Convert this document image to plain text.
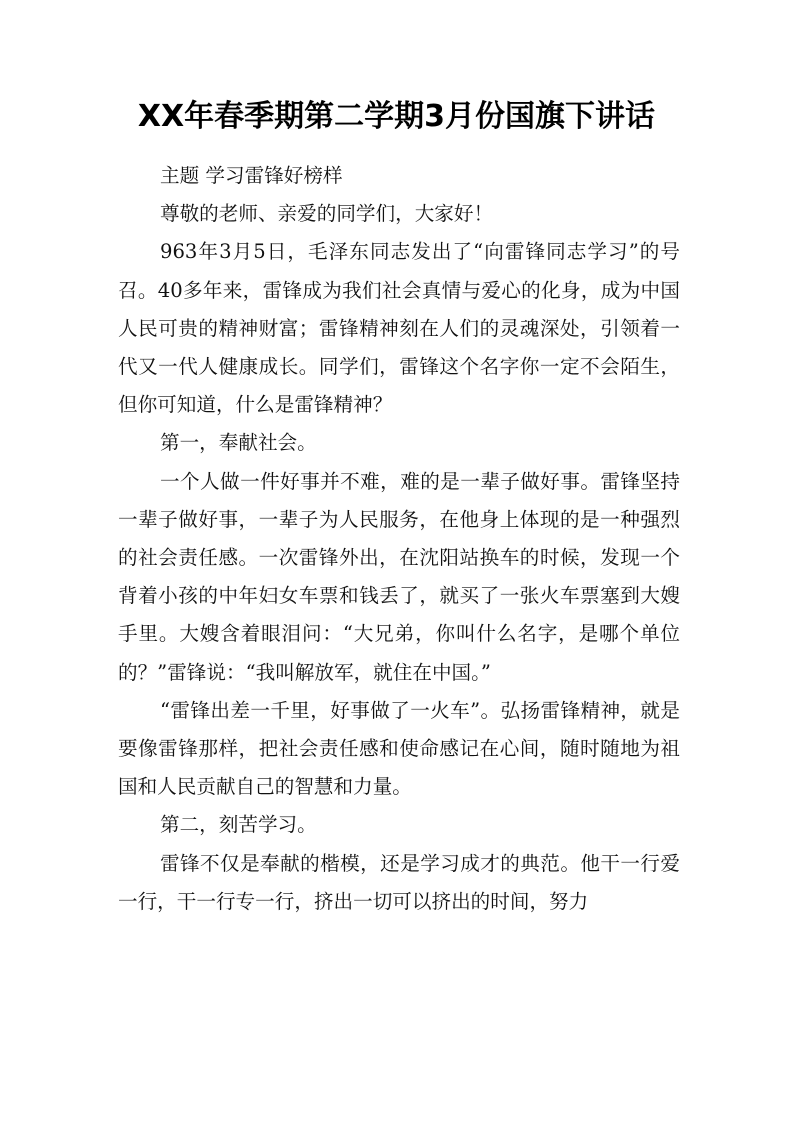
XX年春季期第二学期3月份国旗下讲话

主题 学习雷锋好榜样

尊敬的老师、亲爱的同学们，大家好！

963年3月5日，毛泽东同志发出了“向雷锋同志学习”的号召。40多年来，雷锋成为我们社会真情与爱心的化身，成为中国人民可贵的精神财富；雷锋精神刻在人们的灵魂深处，引领着一代又一代人健康成长。同学们，雷锋这个名字你一定不会陌生，但你可知道，什么是雷锋精神？

第一，奉献社会。

一个人做一件好事并不难，难的是一辈子做好事。雷锋坚持一辈子做好事，一辈子为人民服务，在他身上体现的是一种强烈的社会责任感。一次雷锋外出，在沈阳站换车的时候，发现一个背着小孩的中年妇女车票和钱丢了，就买了一张火车票塞到大嫂手里。大嫂含着眼泪问：“大兄弟，你叫什么名字，是哪个单位的？”雷锋说：“我叫解放军，就住在中国。”

“雷锋出差一千里，好事做了一火车”。弘扬雷锋精神，就是要像雷锋那样，把社会责任感和使命感记在心间，随时随地为祖国和人民贡献自己的智慧和力量。

第二，刻苦学习。

雷锋不仅是奉献的楷模，还是学习成才的典范。他干一行爱一行，干一行专一行，挤出一切可以挤出的时间，努力
